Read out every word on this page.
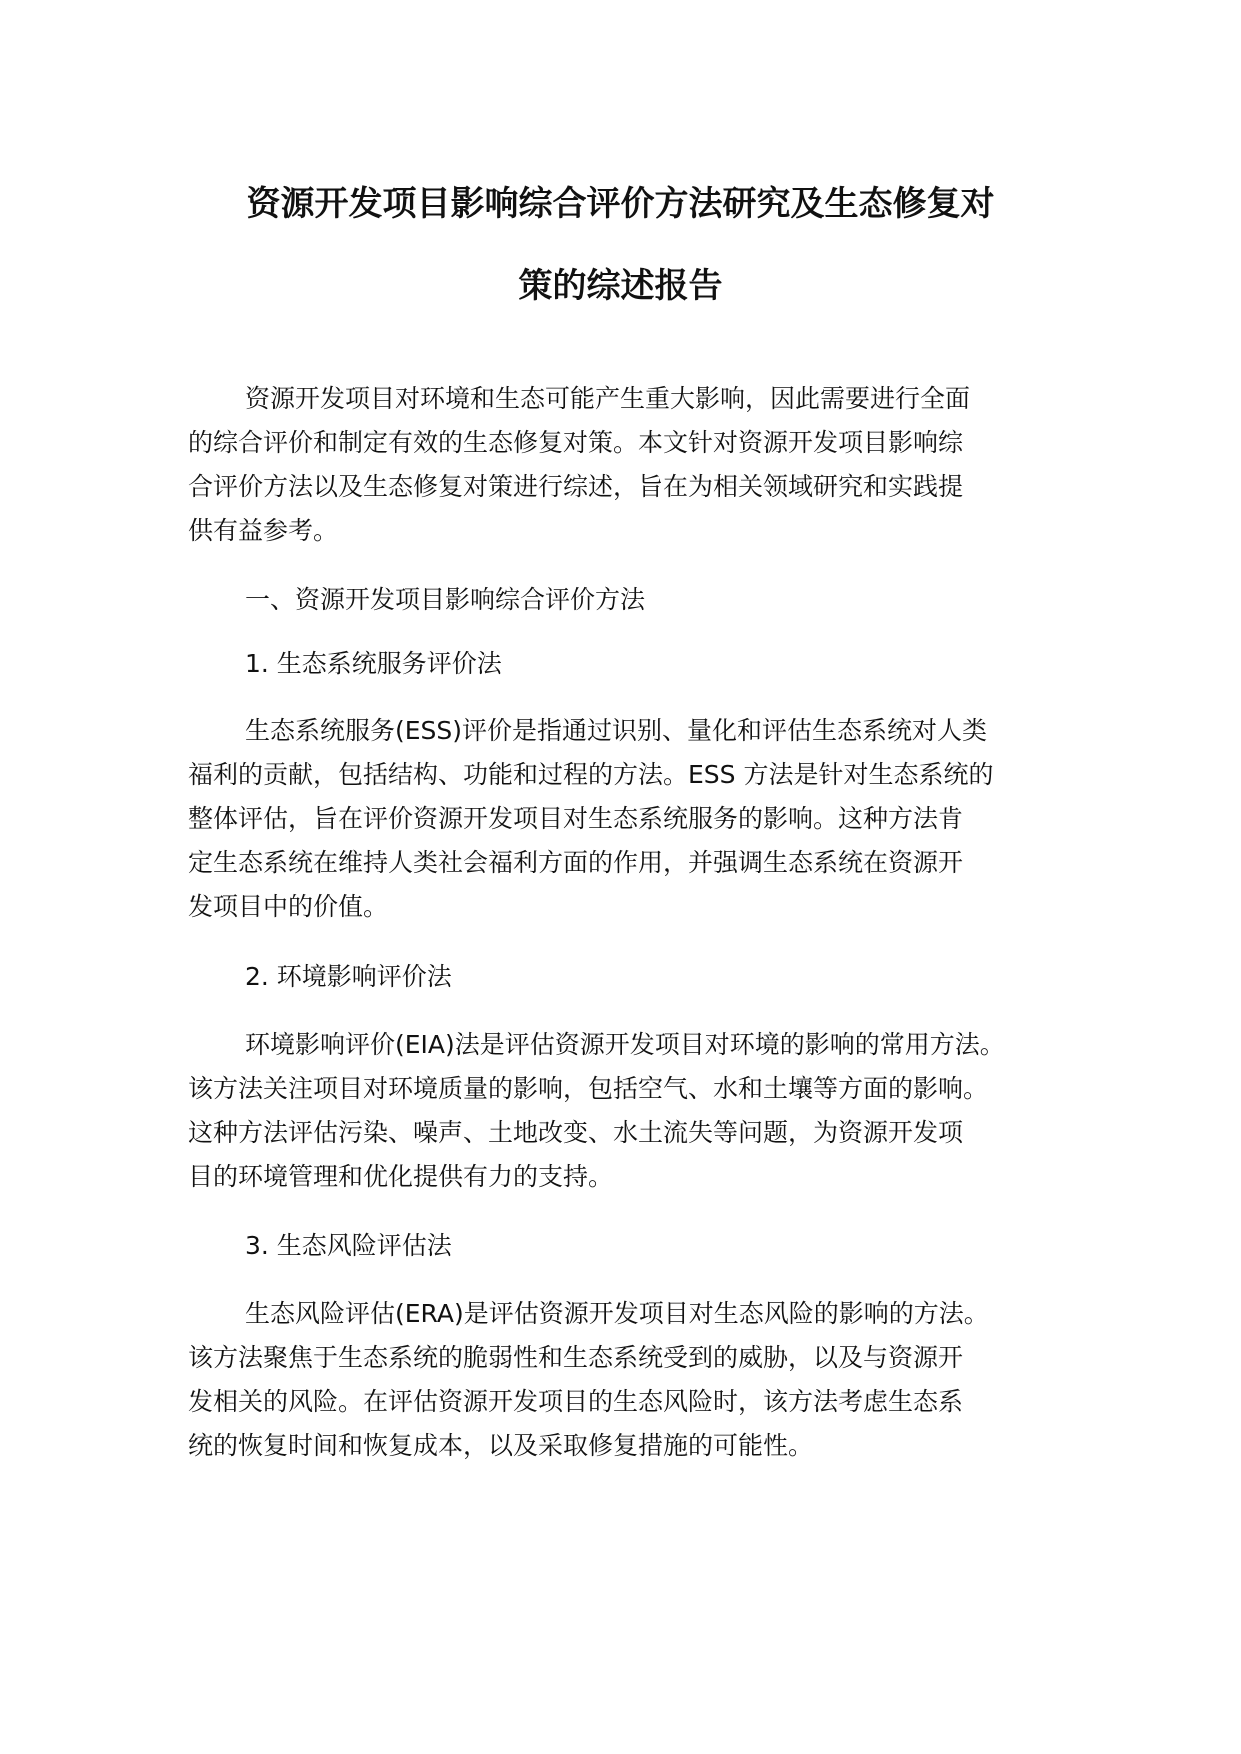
资源开发项目影响综合评价方法研究及生态修复对
策的综述报告

资源开发项目对环境和生态可能产生重大影响，因此需要进行全面

的综合评价和制定有效的生态修复对策。本文针对资源开发项目影响综

合评价方法以及生态修复对策进行综述，旨在为相关领域研究和实践提

供有益参考。

一、资源开发项目影响综合评价方法

1. 生态系统服务评价法

生态系统服务(ESS)评价是指通过识别、量化和评估生态系统对人类

福利的贡献，包括结构、功能和过程的方法。ESS 方法是针对生态系统的

整体评估，旨在评价资源开发项目对生态系统服务的影响。这种方法肯

定生态系统在维持人类社会福利方面的作用，并强调生态系统在资源开

发项目中的价值。

2. 环境影响评价法

环境影响评价(EIA)法是评估资源开发项目对环境的影响的常用方法。

该方法关注项目对环境质量的影响，包括空气、水和土壤等方面的影响。

这种方法评估污染、噪声、土地改变、水土流失等问题，为资源开发项

目的环境管理和优化提供有力的支持。

3. 生态风险评估法

生态风险评估(ERA)是评估资源开发项目对生态风险的影响的方法。

该方法聚焦于生态系统的脆弱性和生态系统受到的威胁，以及与资源开

发相关的风险。在评估资源开发项目的生态风险时，该方法考虑生态系

统的恢复时间和恢复成本，以及采取修复措施的可能性。
